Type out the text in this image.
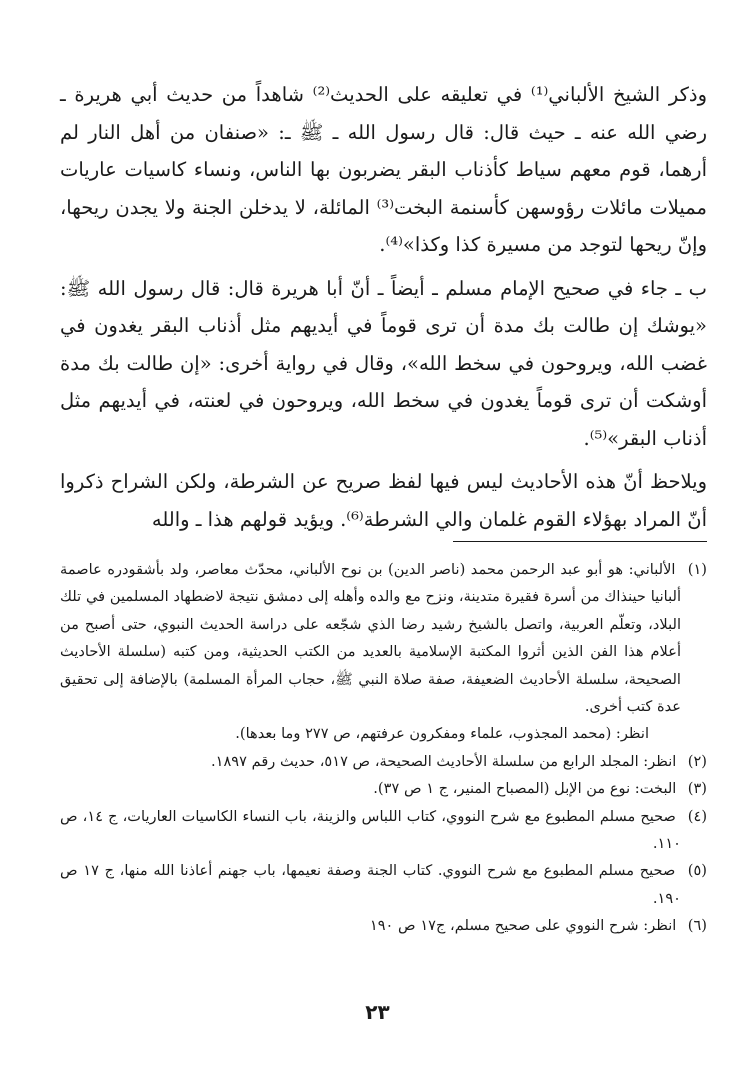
وذكر الشيخ الألباني⁽¹⁾ في تعليقه على الحديث⁽²⁾ شاهداً من حديث أبي هريرة ـ رضي الله عنه ـ حيث قال: قال رسول الله ـ ﷺ ـ: «صنفان من أهل النار لم أرهما، قوم معهم سياط كأذناب البقر يضربون بها الناس، ونساء كاسيات عاريات مميلات مائلات رؤوسهن كأسنمة البخت⁽³⁾ المائلة، لا يدخلن الجنة ولا يجدن ريحها، وإنّ ريحها لتوجد من مسيرة كذا وكذا»⁽⁴⁾.

ب ـ جاء في صحيح الإمام مسلم ـ أيضاً ـ أنّ أبا هريرة قال: قال رسول الله ﷺ: «يوشك إن طالت بك مدة أن ترى قوماً في أيديهم مثل أذناب البقر يغدون في غضب الله، ويروحون في سخط الله»، وقال في رواية أخرى: «إن طالت بك مدة أوشكت أن ترى قوماً يغدون في سخط الله، ويروحون في لعنته، في أيديهم مثل أذناب البقر»⁽⁵⁾.

ويلاحظ أنّ هذه الأحاديث ليس فيها لفظ صريح عن الشرطة، ولكن الشراح ذكروا أنّ المراد بهؤلاء القوم غلمان والي الشرطة⁽⁶⁾. ويؤيد قولهم هذا ـ والله

(١) الألباني: هو أبو عبد الرحمن محمد (ناصر الدين) بن نوح الألباني، محدّث معاصر، ولد بأشقودره عاصمة ألبانيا حينذاك من أسرة فقيرة متدينة، ونزح مع والده وأهله إلى دمشق نتيجة لاضطهاد المسلمين في تلك البلاد، وتعلّم العربية، واتصل بالشيخ رشيد رضا الذي شجّعه على دراسة الحديث النبوي، حتى أصبح من أعلام هذا الفن الذين أثروا المكتبة الإسلامية بالعديد من الكتب الحديثية، ومن كتبه (سلسلة الأحاديث الصحيحة، سلسلة الأحاديث الضعيفة، صفة صلاة النبي ﷺ، حجاب المرأة المسلمة) بالإضافة إلى تحقيق عدة كتب أخرى.

انظر: (محمد المجذوب، علماء ومفكرون عرفتهم، ص ٢٧٧ وما بعدها).

(٢) انظر: المجلد الرابع من سلسلة الأحاديث الصحيحة، ص ٥١٧، حديث رقم ١٨٩٧.
(٣) البخت: نوع من الإبل (المصباح المنير، ج ١ ص ٣٧).
(٤) صحيح مسلم المطبوع مع شرح النووي، كتاب اللباس والزينة، باب النساء الكاسيات العاريات، ج ١٤، ص ١١٠.
(٥) صحيح مسلم المطبوع مع شرح النووي. كتاب الجنة وصفة نعيمها، باب جهنم أعاذنا الله منها، ج ١٧ ص ١٩٠.
(٦) انظر: شرح النووي على صحيح مسلم، ج١٧ ص ١٩٠
٢٣
